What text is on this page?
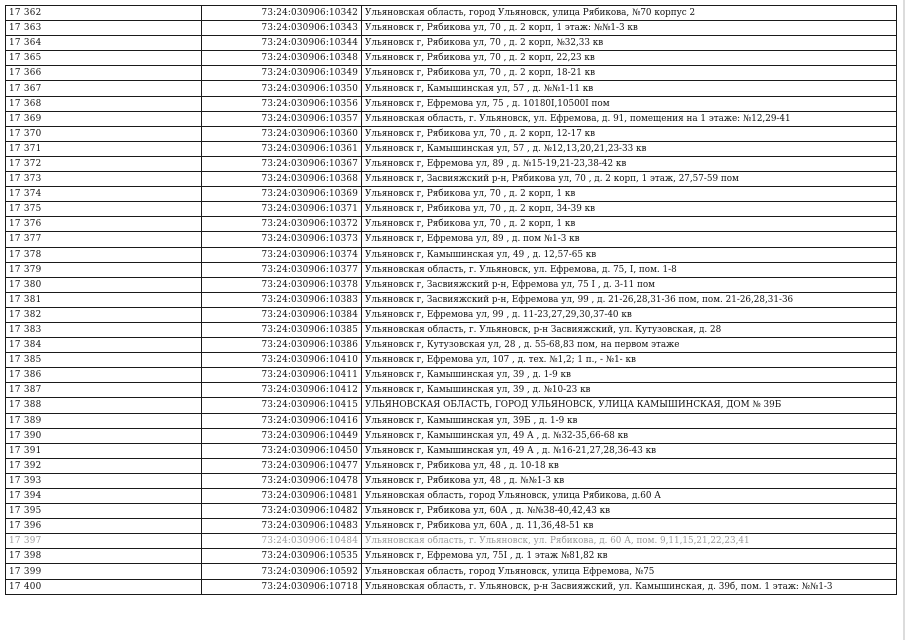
17 362	73:24:030906:10342	Ульяновская область, город Ульяновск, улица Рябикова, №70 корпус 2
17 363	73:24:030906:10343	Ульяновск г, Рябикова ул, 70 , д. 2 корп, 1 этаж: №№1-3 кв
17 364	73:24:030906:10344	Ульяновск г, Рябикова ул, 70 , д. 2 корп, №32,33 кв
17 365	73:24:030906:10348	Ульяновск г, Рябикова ул, 70 , д. 2 корп, 22,23 кв
17 366	73:24:030906:10349	Ульяновск г, Рябикова ул, 70 , д. 2 корп, 18-21 кв
17 367	73:24:030906:10350	Ульяновск г, Камышинская ул, 57 , д. №№1-11 кв
17 368	73:24:030906:10356	Ульяновск г, Ефремова ул, 75 , д. 10180I,10500I пом
17 369	73:24:030906:10357	Ульяновская область, г. Ульяновск, ул. Ефремова, д. 91, помещения на 1 этаже: №12,29-41
17 370	73:24:030906:10360	Ульяновск г, Рябикова ул, 70 , д. 2 корп, 12-17 кв
17 371	73:24:030906:10361	Ульяновск г, Камышинская ул, 57 , д. №12,13,20,21,23-33 кв
17 372	73:24:030906:10367	Ульяновск г, Ефремова ул, 89 , д. №15-19,21-23,38-42 кв
17 373	73:24:030906:10368	Ульяновск г, Засвияжский р-н, Рябикова ул, 70 , д. 2 корп, 1 этаж, 27,57-59 пом
17 374	73:24:030906:10369	Ульяновск г, Рябикова ул, 70 , д. 2 корп, 1 кв
17 375	73:24:030906:10371	Ульяновск г, Рябикова ул, 70 , д. 2 корп, 34-39 кв
17 376	73:24:030906:10372	Ульяновск г, Рябикова ул, 70 , д. 2 корп, 1 кв
17 377	73:24:030906:10373	Ульяновск г, Ефремова ул, 89 , д. пом №1-3 кв
17 378	73:24:030906:10374	Ульяновск г, Камышинская ул, 49 , д. 12,57-65 кв
17 379	73:24:030906:10377	Ульяновская область, г. Ульяновск, ул. Ефремова, д. 75, I, пом. 1-8
17 380	73:24:030906:10378	Ульяновск г, Засвияжский р-н, Ефремова ул, 75 I , д. 3-11 пом
17 381	73:24:030906:10383	Ульяновск г, Засвияжский р-н, Ефремова ул, 99 , д. 21-26,28,31-36 пом, пом. 21-26,28,31-36
17 382	73:24:030906:10384	Ульяновск г, Ефремова ул, 99 , д. 11-23,27,29,30,37-40 кв
17 383	73:24:030906:10385	Ульяновская область, г. Ульяновск, р-н Засвияжский, ул. Кутузовская, д. 28
17 384	73:24:030906:10386	Ульяновск г, Кутузовская ул, 28 , д. 55-68,83 пом, на первом этаже
17 385	73:24:030906:10410	Ульяновск г, Ефремова ул, 107 , д. тех. №1,2; 1 п., - №1- кв
17 386	73:24:030906:10411	Ульяновск г, Камышинская ул, 39 , д. 1-9 кв
17 387	73:24:030906:10412	Ульяновск г, Камышинская ул, 39 , д. №10-23 кв
17 388	73:24:030906:10415	УЛЬЯНОВСКАЯ ОБЛАСТЬ, ГОРОД УЛЬЯНОВСК, УЛИЦА КАМЫШИНСКАЯ, ДОМ № 39Б
17 389	73:24:030906:10416	Ульяновск г, Камышинская ул, 39Б , д. 1-9 кв
17 390	73:24:030906:10449	Ульяновск г, Камышинская ул, 49 А , д. №32-35,66-68 кв
17 391	73:24:030906:10450	Ульяновск г, Камышинская ул, 49 А , д. №16-21,27,28,36-43 кв
17 392	73:24:030906:10477	Ульяновск г, Рябикова ул, 48 , д. 10-18 кв
17 393	73:24:030906:10478	Ульяновск г, Рябикова ул, 48 , д. №№1-3 кв
17 394	73:24:030906:10481	Ульяновская область, город Ульяновск, улица Рябикова, д.60 А
17 395	73:24:030906:10482	Ульяновск г, Рябикова ул, 60А , д. №№38-40,42,43 кв
17 396	73:24:030906:10483	Ульяновск г, Рябикова ул, 60А , д. 11,36,48-51 кв
17 397	73:24:030906:10484	Ульяновская область, г. Ульяновск, ул. Рябикова, д. 60 А, пом. 9,11,15,21,22,23,41
17 398	73:24:030906:10535	Ульяновск г, Ефремова ул, 75I , д. 1 этаж №81,82 кв
17 399	73:24:030906:10592	Ульяновская область, город Ульяновск, улица Ефремова, №75
17 400	73:24:030906:10718	Ульяновская область, г. Ульяновск, р-н Засвияжский, ул. Камышинская, д. 39б, пом. 1 этаж: №№1-3
